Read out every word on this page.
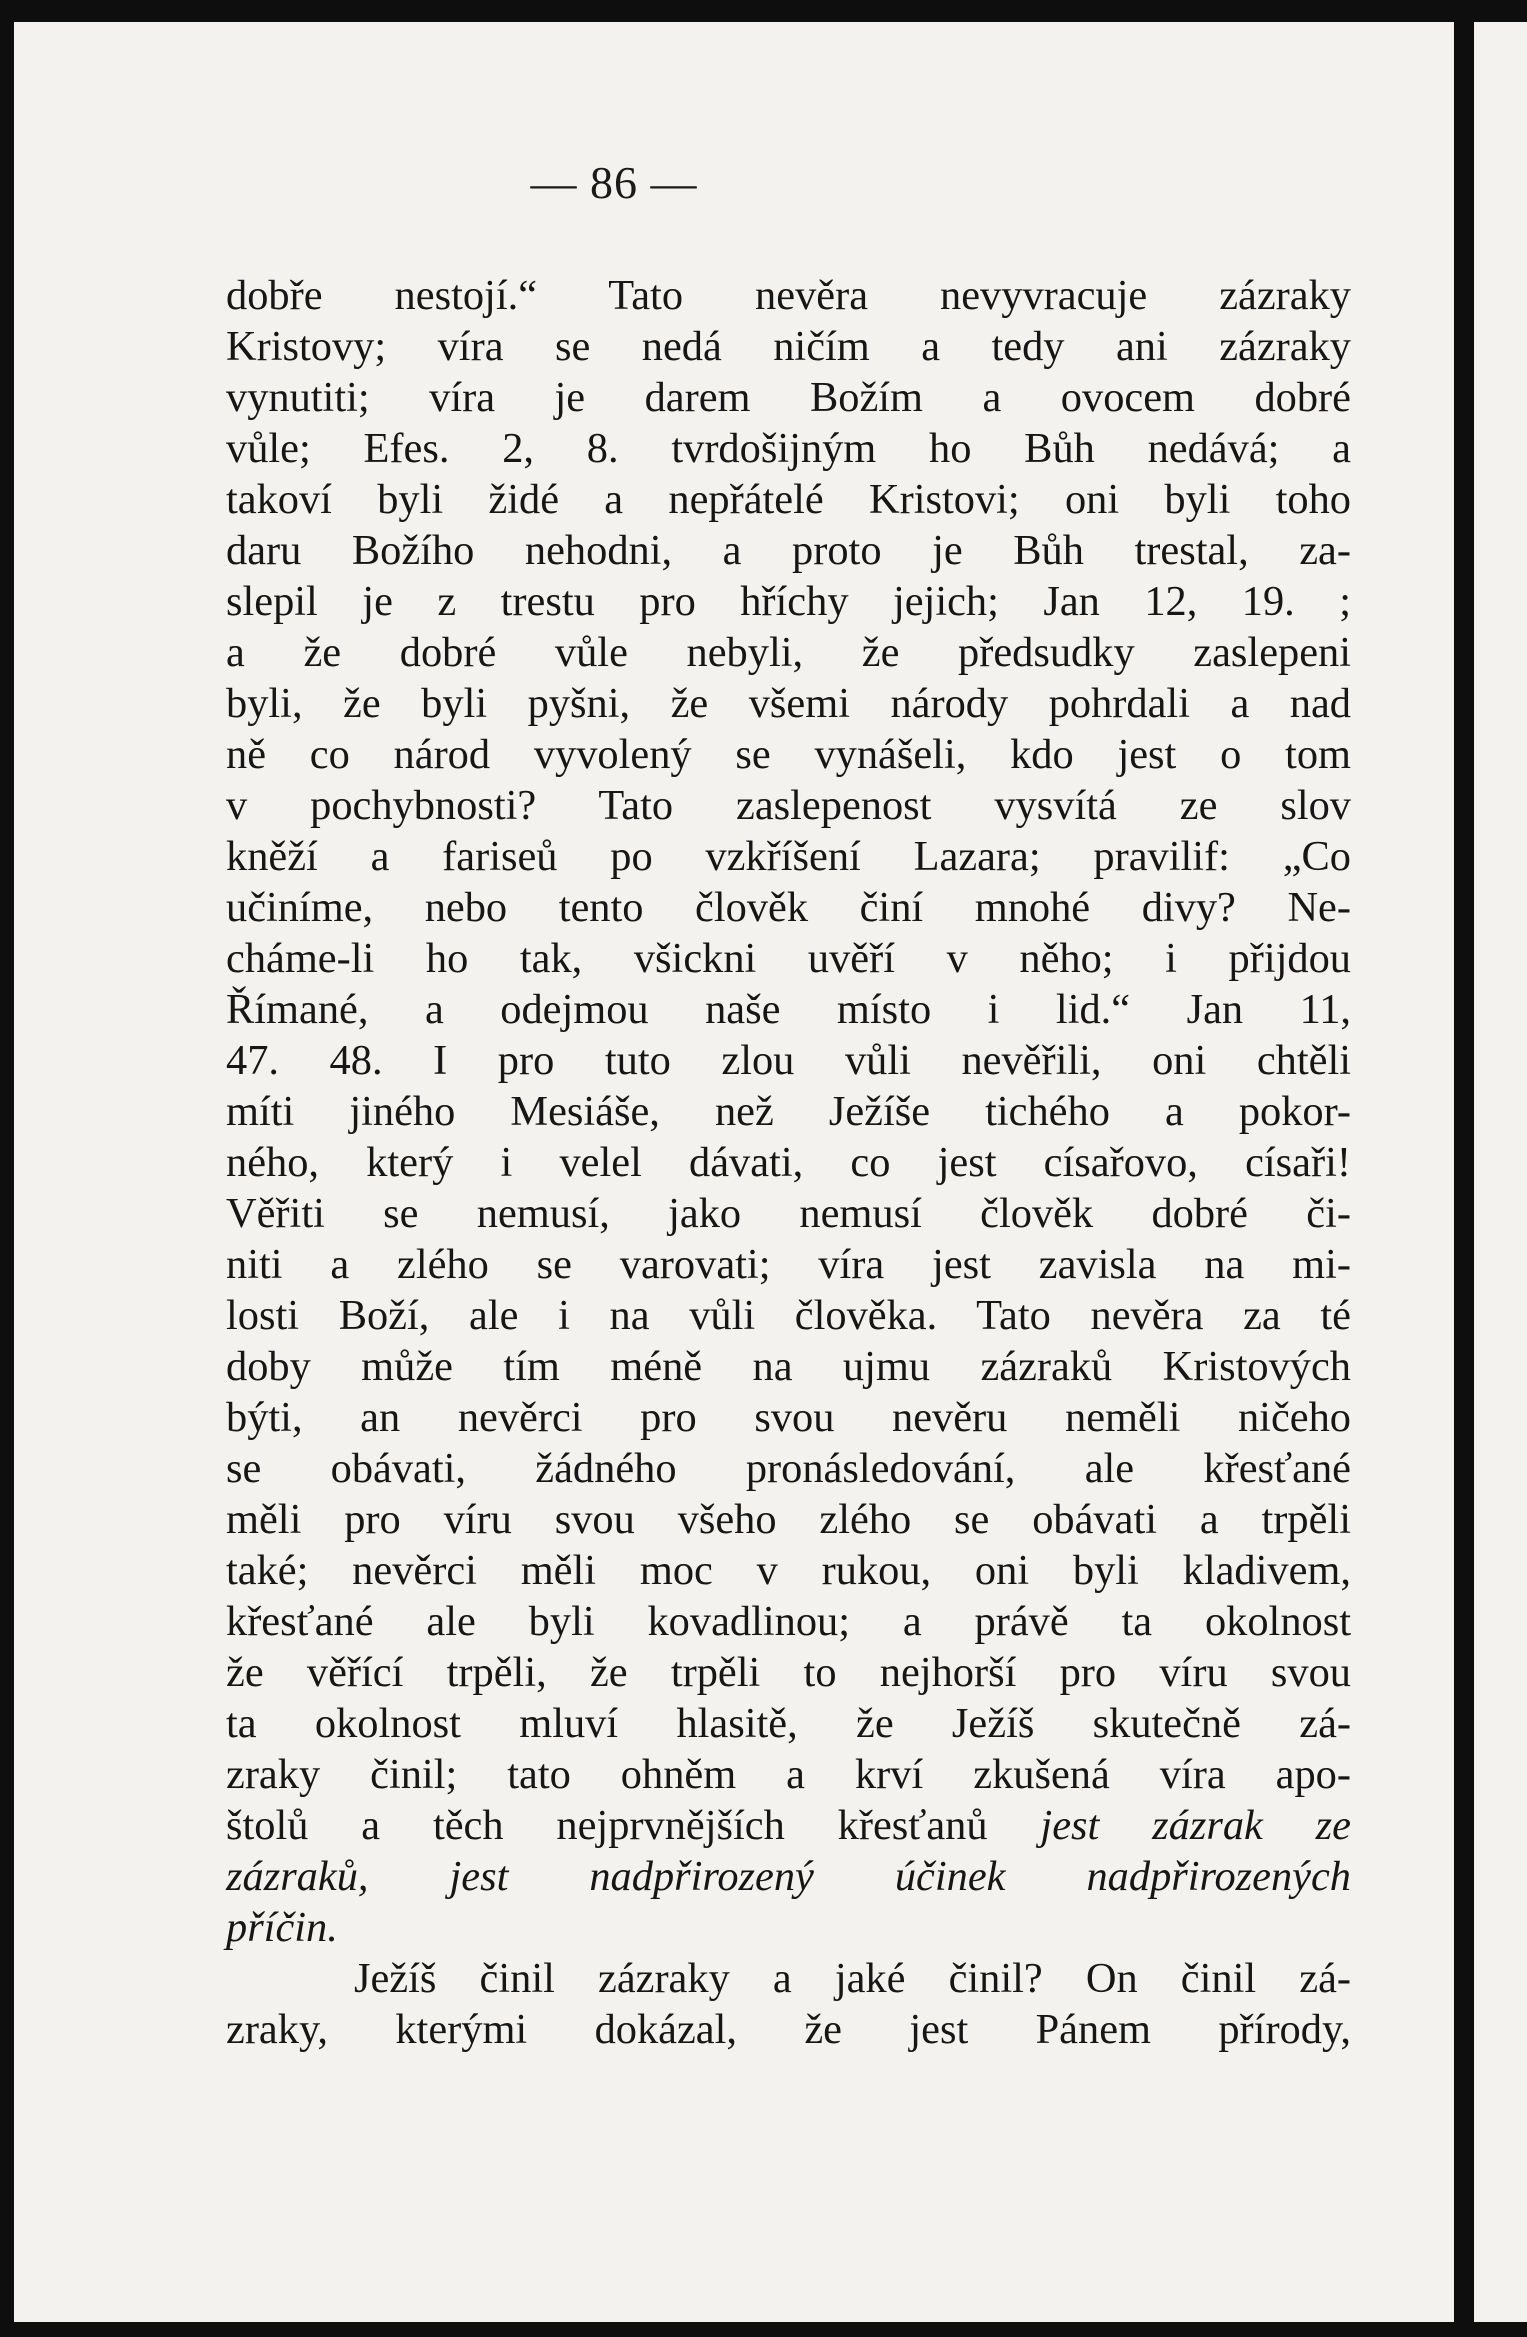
— 86 —
dobře nestojí.“ Tato nevěra nevyvracuje zázraky
Kristovy; víra se nedá ničím a tedy ani zázraky
vynutiti; víra je darem Božím a ovocem dobré
vůle; Efes. 2, 8. tvrdošijným ho Bůh nedává; a
takoví byli židé a nepřátelé Kristovi; oni byli toho
daru Božího nehodni, a proto je Bůh trestal, za-
slepil je z trestu pro hříchy jejich; Jan 12, 19. ;
a že dobré vůle nebyli, že předsudky zaslepeni
byli, že byli pyšni, že všemi národy pohrdali a nad
ně co národ vyvolený se vynášeli, kdo jest o tom
v pochybnosti? Tato zaslepenost vysvítá ze slov
kněží a fariseů po vzkříšení Lazara; pravilif: „Co
učiníme, nebo tento člověk činí mnohé divy? Ne-
cháme-li ho tak, všickni uvěří v něho; i přijdou
Římané, a odejmou naše místo i lid.“ Jan 11,
47. 48. I pro tuto zlou vůli nevěřili, oni chtěli
míti jiného Mesiáše, než Ježíše tichého a pokor-
ného, který i velel dávati, co jest císařovo, císaři!
Věřiti se nemusí, jako nemusí člověk dobré či-
niti a zlého se varovati; víra jest zavisla na mi-
losti Boží, ale i na vůli člověka. Tato nevěra za té
doby může tím méně na ujmu zázraků Kristových
býti, an nevěrci pro svou nevěru neměli ničeho
se obávati, žádného pronásledování, ale křesťané
měli pro víru svou všeho zlého se obávati a trpěli
také; nevěrci měli moc v rukou, oni byli kladivem,
křesťané ale byli kovadlinou; a právě ta okolnost
že věřící trpěli, že trpěli to nejhorší pro víru svou
ta okolnost mluví hlasitě, že Ježíš skutečně zá-
zraky činil; tato ohněm a krví zkušená víra apo-
štolů a těch nejprvnějších křesťanů jest zázrak ze
zázraků, jest nadpřirozený účinek nadpřirozených
příčin.
Ježíš činil zázraky a jaké činil? On činil zá-
zraky, kterými dokázal, že jest Pánem přírody,
